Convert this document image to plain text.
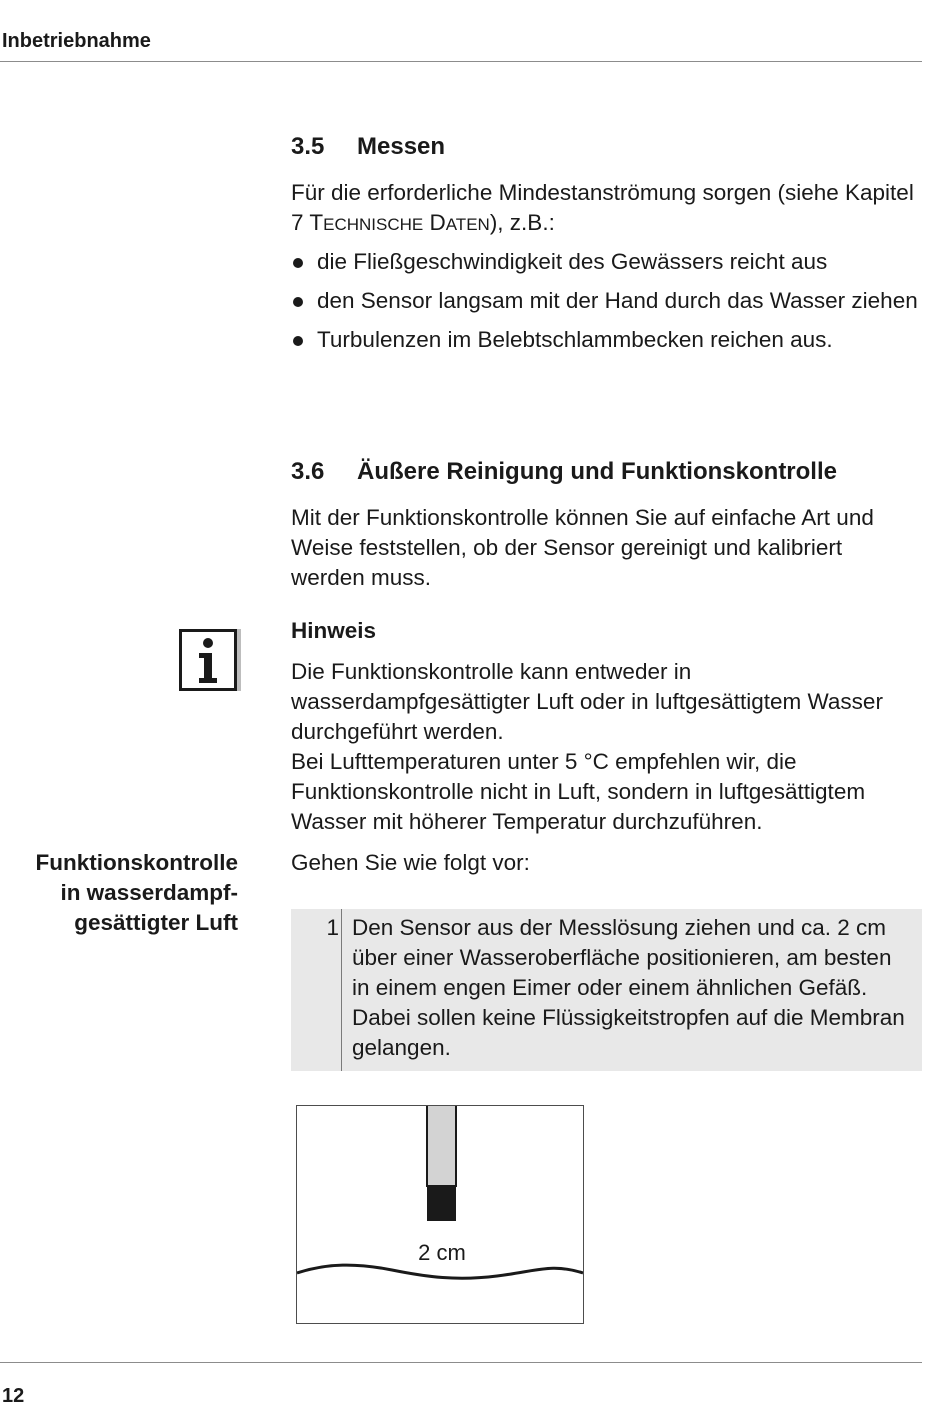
Inbetriebnahme
3.5 Messen
Für die erforderliche Mindestanströmung sorgen (siehe Kapitel 7 TECHNISCHE DATEN), z.B.:
die Fließgeschwindigkeit des Gewässers reicht aus
den Sensor langsam mit der Hand durch das Wasser ziehen
Turbulenzen im Belebtschlammbecken reichen aus.
3.6 Äußere Reinigung und Funktionskontrolle
Mit der Funktionskontrolle können Sie auf einfache Art und Weise feststellen, ob der Sensor gereinigt und kalibriert werden muss.
Hinweis
Die Funktionskontrolle kann entweder in wasserdampfgesättigter Luft oder in luftgesättigtem Wasser durchgeführt werden.
Bei Lufttemperaturen unter 5 °C empfehlen wir, die Funktionskontrolle nicht in Luft, sondern in luftgesättigtem Wasser mit höherer Temperatur durchzuführen.
Funktionskontrolle
in wasserdampf-
gesättigter Luft
Gehen Sie wie folgt vor:
1 Den Sensor aus der Messlösung ziehen und ca. 2 cm über einer Wasseroberfläche positionieren, am besten in einem engen Eimer oder einem ähnlichen Gefäß. Dabei sollen keine Flüssigkeitstropfen auf die Membran gelangen.
2 cm
12
